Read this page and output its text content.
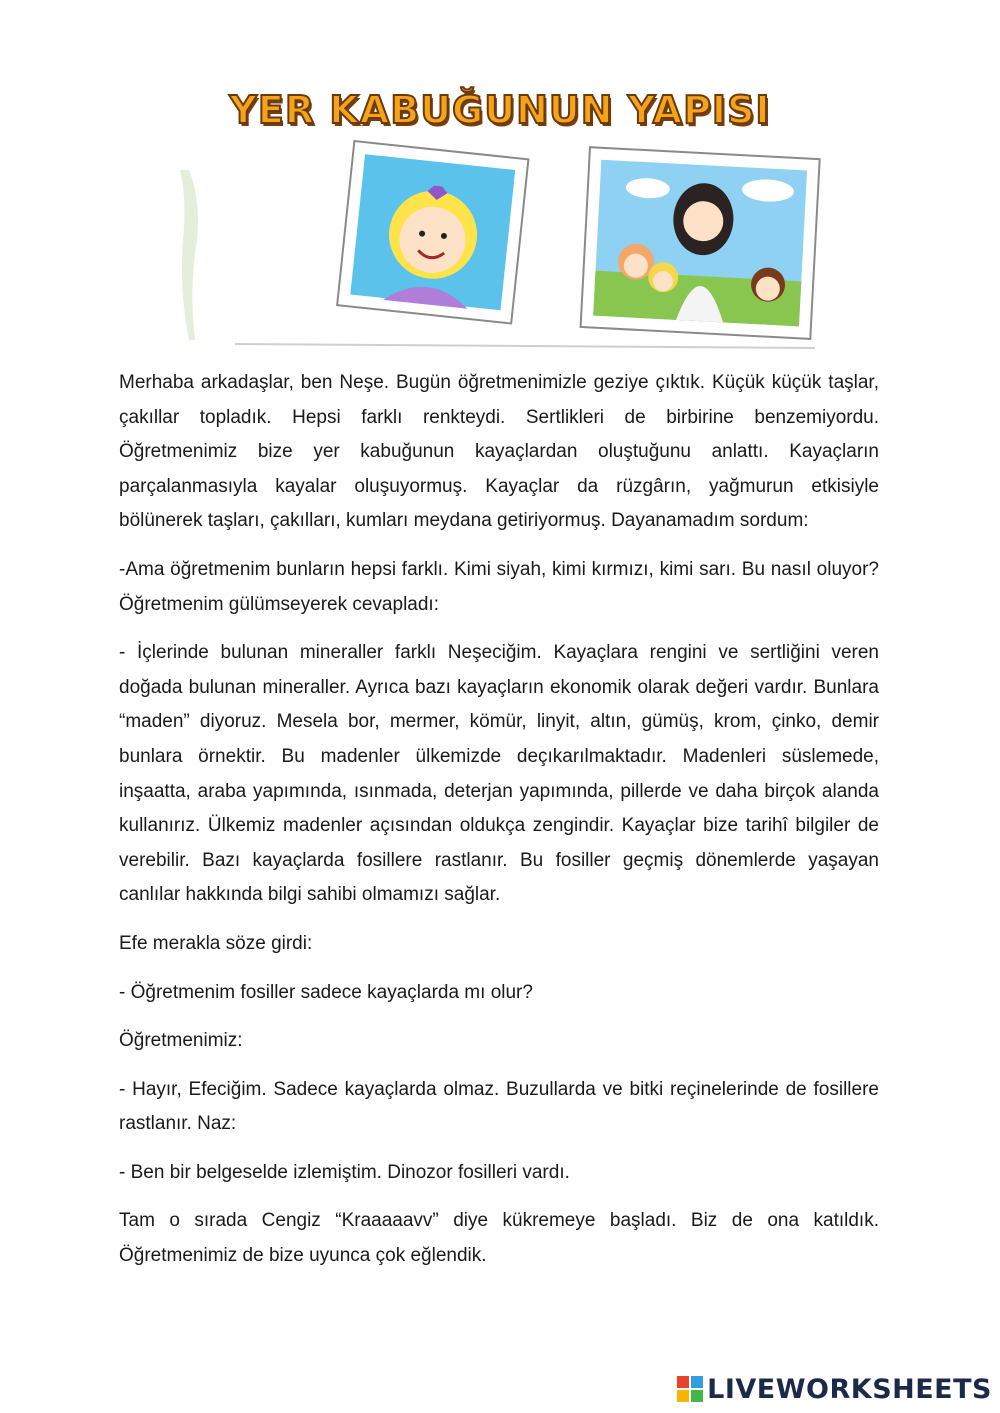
YER KABUĞUNUN YAPISI

Merhaba arkadaşlar, ben Neşe. Bugün öğretmenimizle geziye çıktık. Küçük küçük taşlar, çakıllar topladık. Hepsi farklı renkteydi. Sertlikleri de birbirine benzemiyordu. Öğretmenimiz bize yer kabuğunun kayaçlardan oluştuğunu anlattı. Kayaçların parçalanmasıyla kayalar oluşuyormuş. Kayaçlar da rüzgârın, yağmurun etkisiyle bölünerek taşları, çakılları, kumları meydana getiriyormuş. Dayanamadım sordum:

-Ama öğretmenim bunların hepsi farklı. Kimi siyah, kimi kırmızı, kimi sarı. Bu nasıl oluyor? Öğretmenim gülümseyerek cevapladı:

- İçlerinde bulunan mineraller farklı Neşeciğim. Kayaçlara rengini ve sertliğini veren doğada bulunan mineraller. Ayrıca bazı kayaçların ekonomik olarak değeri vardır. Bunlara “maden” diyoruz. Mesela bor, mermer, kömür, linyit, altın, gümüş, krom, çinko, demir bunlara örnektir. Bu madenler ülkemizde deçıkarılmaktadır. Madenleri süslemede, inşaatta, araba yapımında, ısınmada, deterjan yapımında, pillerde ve daha birçok alanda kullanırız. Ülkemiz madenler açısından oldukça zengindir. Kayaçlar bize tarihî bilgiler de verebilir. Bazı kayaçlarda fosillere rastlanır. Bu fosiller geçmiş dönemlerde yaşayan canlılar hakkında bilgi sahibi olmamızı sağlar.

Efe merakla söze girdi:

- Öğretmenim fosiller sadece kayaçlarda mı olur?

Öğretmenimiz:

- Hayır, Efeciğim. Sadece kayaçlarda olmaz. Buzullarda ve bitki reçinelerinde de fosillere rastlanır. Naz:

- Ben bir belgeselde izlemiştim. Dinozor fosilleri vardı.

Tam o sırada Cengiz “Kraaaaavv” diye kükremeye başladı. Biz de ona katıldık. Öğretmenimiz de bize uyunca çok eğlendik.

LIVEWORKSHEETS
